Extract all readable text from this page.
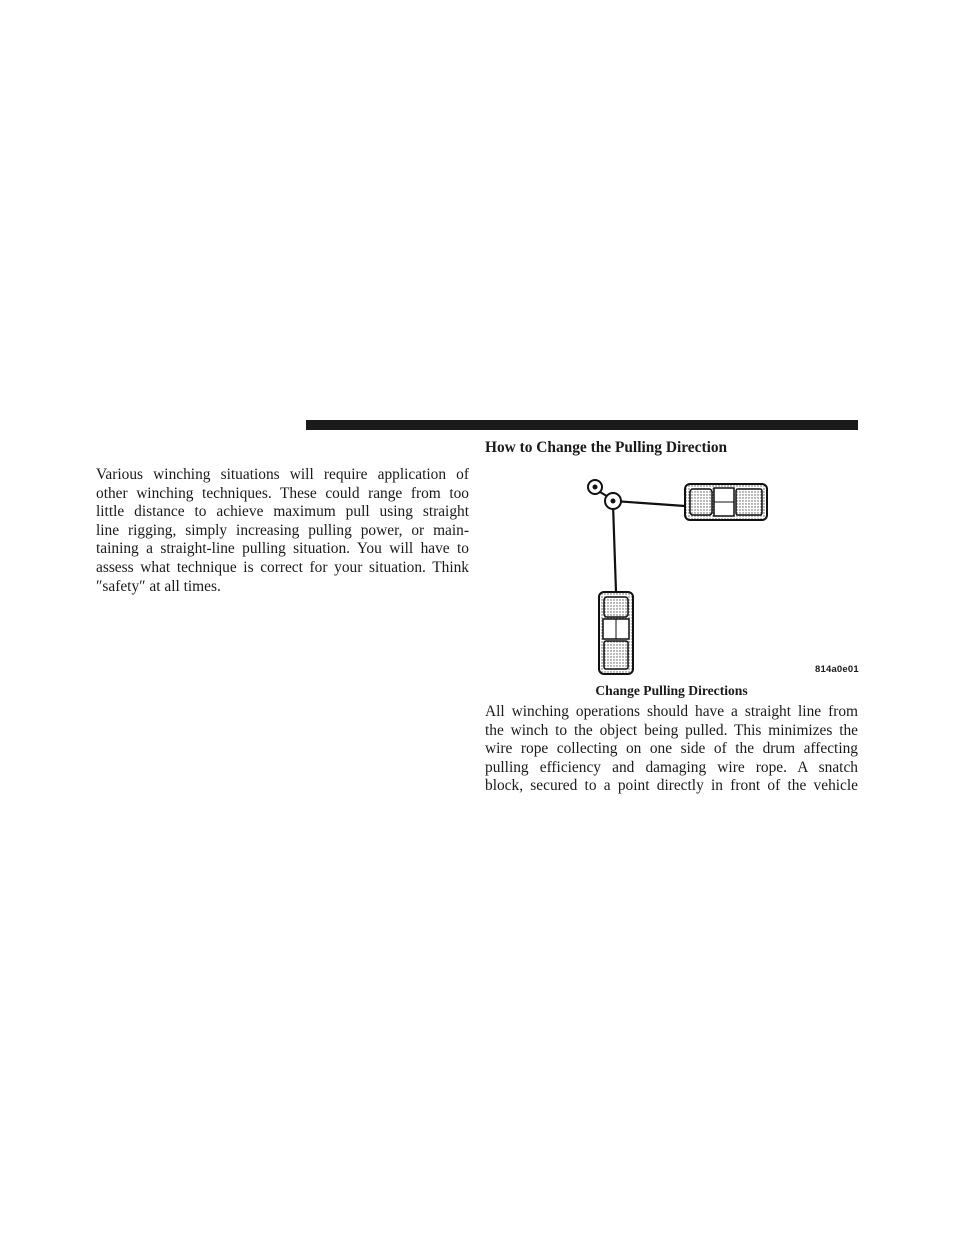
Various winching situations will require application of
other winching techniques. These could range from too
little distance to achieve maximum pull using straight
line rigging, simply increasing pulling power, or main-
taining a straight-line pulling situation. You will have to
assess what technique is correct for your situation. Think
″safety″ at all times.
How to Change the Pulling Direction
814a0e01
Change Pulling Directions
All winching operations should have a straight line from
the winch to the object being pulled. This minimizes the
wire rope collecting on one side of the drum affecting
pulling efficiency and damaging wire rope. A snatch
block, secured to a point directly in front of the vehicle
